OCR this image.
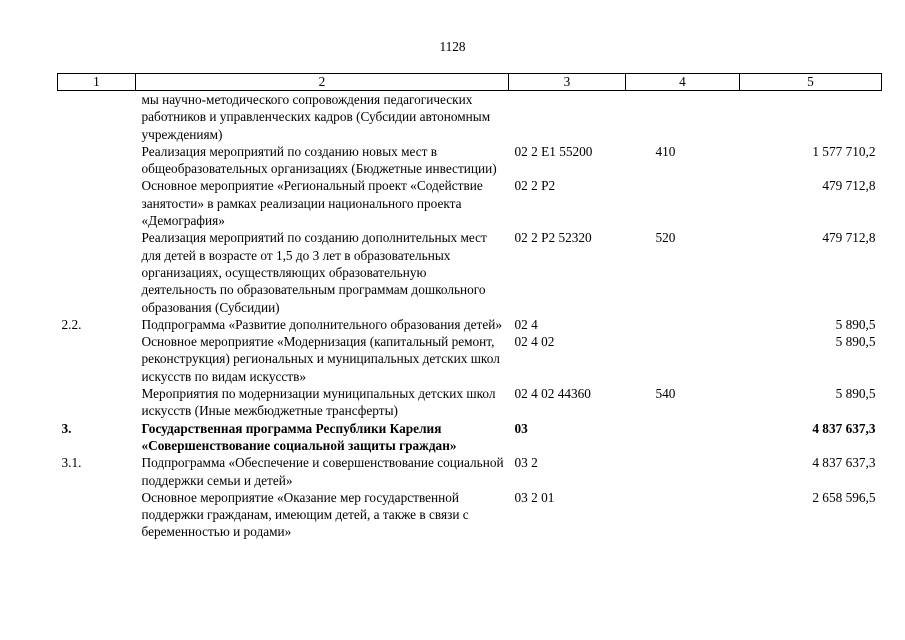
1128
1	2	3	4	5
	мы научно-методического сопровождения педагогических работников и управленческих кадров (Субсидии автономным учреждениям)			
	Реализация мероприятий по созданию новых мест в общеобразовательных организациях (Бюджетные инвестиции)	02 2 E1 55200	410	1 577 710,2
	Основное мероприятие «Региональный проект «Содействие занятости» в рамках реализации национального проекта «Демография»	02 2 P2		479 712,8
	Реализация мероприятий по созданию дополнительных мест для детей в возрасте от 1,5 до 3 лет в образовательных организациях, осуществляющих образовательную деятельность по образовательным программам дошкольного образования (Субсидии)	02 2 P2 52320	520	479 712,8
2.2.	Подпрограмма «Развитие дополнительного образования детей»	02 4		5 890,5
	Основное мероприятие «Модернизация (капитальный ремонт, реконструкция) региональных и муниципальных детских школ искусств по видам искусств»	02 4 02		5 890,5
	Мероприятия по модернизации муниципальных детских школ искусств (Иные межбюджетные трансферты)	02 4 02 44360	540	5 890,5
3.	Государственная программа Республики Карелия «Совершенствование социальной защиты граждан»	03		4 837 637,3
3.1.	Подпрограмма «Обеспечение и совершенствование социальной поддержки семьи и детей»	03 2		4 837 637,3
	Основное мероприятие «Оказание мер государственной поддержки гражданам, имеющим детей, а также в связи с беременностью и родами»	03 2 01		2 658 596,5
